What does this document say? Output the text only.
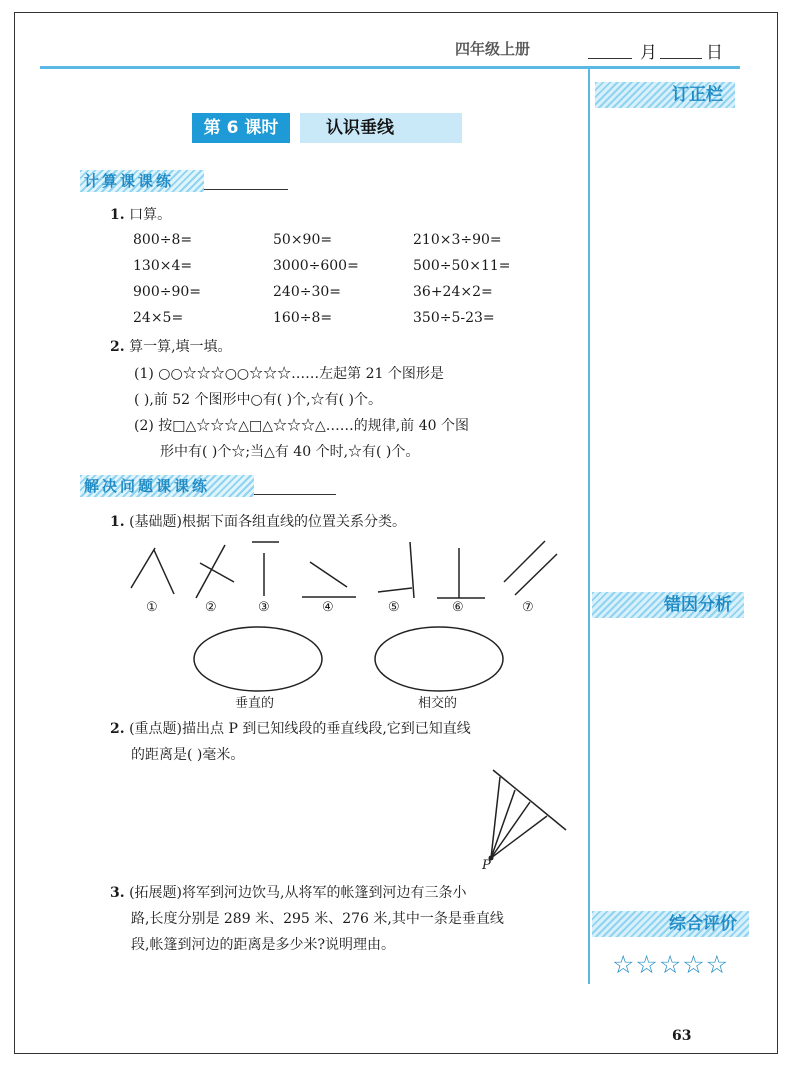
四年级上册	月	日
订正栏
错因分析
综合评价
☆☆☆☆☆
第 6 课时	认识垂线
计算课课练
1. 口算。
800÷8=	50×90=	210×3÷90=
130×4=	3000÷600=	500÷50×11=
900÷90=	240÷30=	36+24×2=
24×5=	160÷8=	350÷5-23=
2. 算一算,填一填。
(1) ○○☆☆☆○○☆☆☆……左起第 21 个图形是
( ),前 52 个图形中○有( )个,☆有( )个。
(2) 按□△☆☆☆△□△☆☆☆△……的规律,前 40 个图
形中有( )个☆;当△有 40 个时,☆有( )个。
解决问题课课练
1. (基础题)根据下面各组直线的位置关系分类。
①	②	③	④	⑤	⑥	⑦
垂直的	相交的
2. (重点题)描出点 P 到已知线段的垂直线段,它到已知直线
的距离是( )毫米。
P
3. (拓展题)将军到河边饮马,从将军的帐篷到河边有三条小
路,长度分别是 289 米、295 米、276 米,其中一条是垂直线
段,帐篷到河边的距离是多少米?说明理由。
63
